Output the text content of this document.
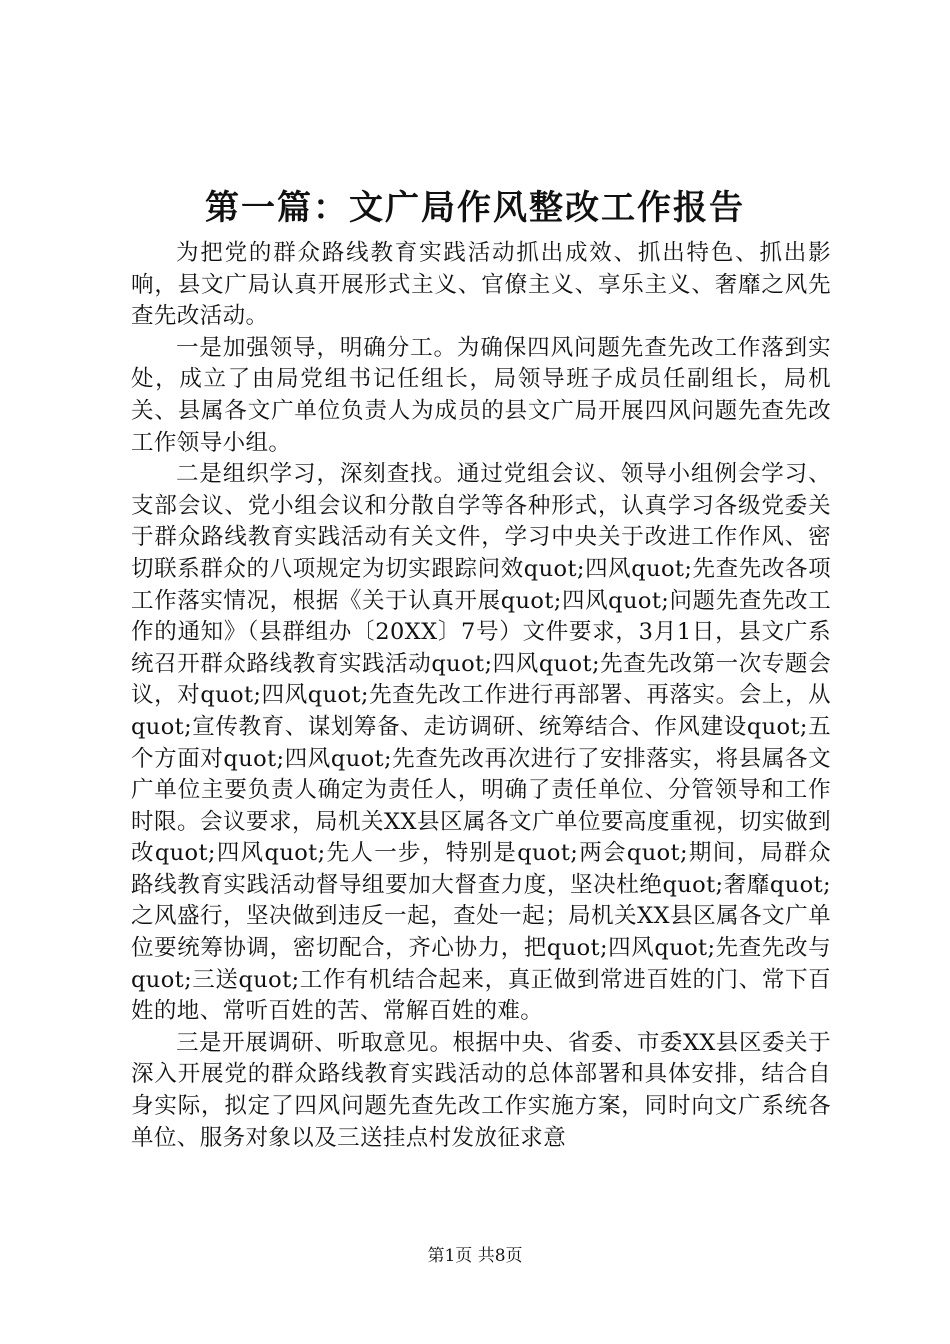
第一篇：文广局作风整改工作报告

为把党的群众路线教育实践活动抓出成效、抓出特色、抓出影响，县文广局认真开展形式主义、官僚主义、享乐主义、奢靡之风先查先改活动。

一是加强领导，明确分工。为确保四风问题先查先改工作落到实处，成立了由局党组书记任组长，局领导班子成员任副组长，局机关、县属各文广单位负责人为成员的县文广局开展四风问题先查先改工作领导小组。

二是组织学习，深刻查找。通过党组会议、领导小组例会学习、支部会议、党小组会议和分散自学等各种形式，认真学习各级党委关于群众路线教育实践活动有关文件，学习中央关于改进工作作风、密切联系群众的八项规定为切实跟踪问效quot;四风quot;先查先改各项工作落实情况，根据《关于认真开展quot;四风quot;问题先查先改工作的通知》（县群组办〔20XX〕7号）文件要求，3月1日，县文广系统召开群众路线教育实践活动quot;四风quot;先查先改第一次专题会议，对quot;四风quot;先查先改工作进行再部署、再落实。会上，从quot;宣传教育、谋划筹备、走访调研、统筹结合、作风建设quot;五个方面对quot;四风quot;先查先改再次进行了安排落实，将县属各文广单位主要负责人确定为责任人，明确了责任单位、分管领导和工作时限。会议要求，局机关XX县区属各文广单位要高度重视，切实做到改quot;四风quot;先人一步，特别是quot;两会quot;期间，局群众路线教育实践活动督导组要加大督查力度，坚决杜绝quot;奢靡quot;之风盛行，坚决做到违反一起，查处一起；局机关XX县区属各文广单位要统筹协调，密切配合，齐心协力，把quot;四风quot;先查先改与quot;三送quot;工作有机结合起来，真正做到常进百姓的门、常下百姓的地、常听百姓的苦、常解百姓的难。

三是开展调研、听取意见。根据中央、省委、市委XX县区委关于深入开展党的群众路线教育实践活动的总体部署和具体安排，结合自身实际，拟定了四风问题先查先改工作实施方案，同时向文广系统各单位、服务对象以及三送挂点村发放征求意

第1页 共8页
